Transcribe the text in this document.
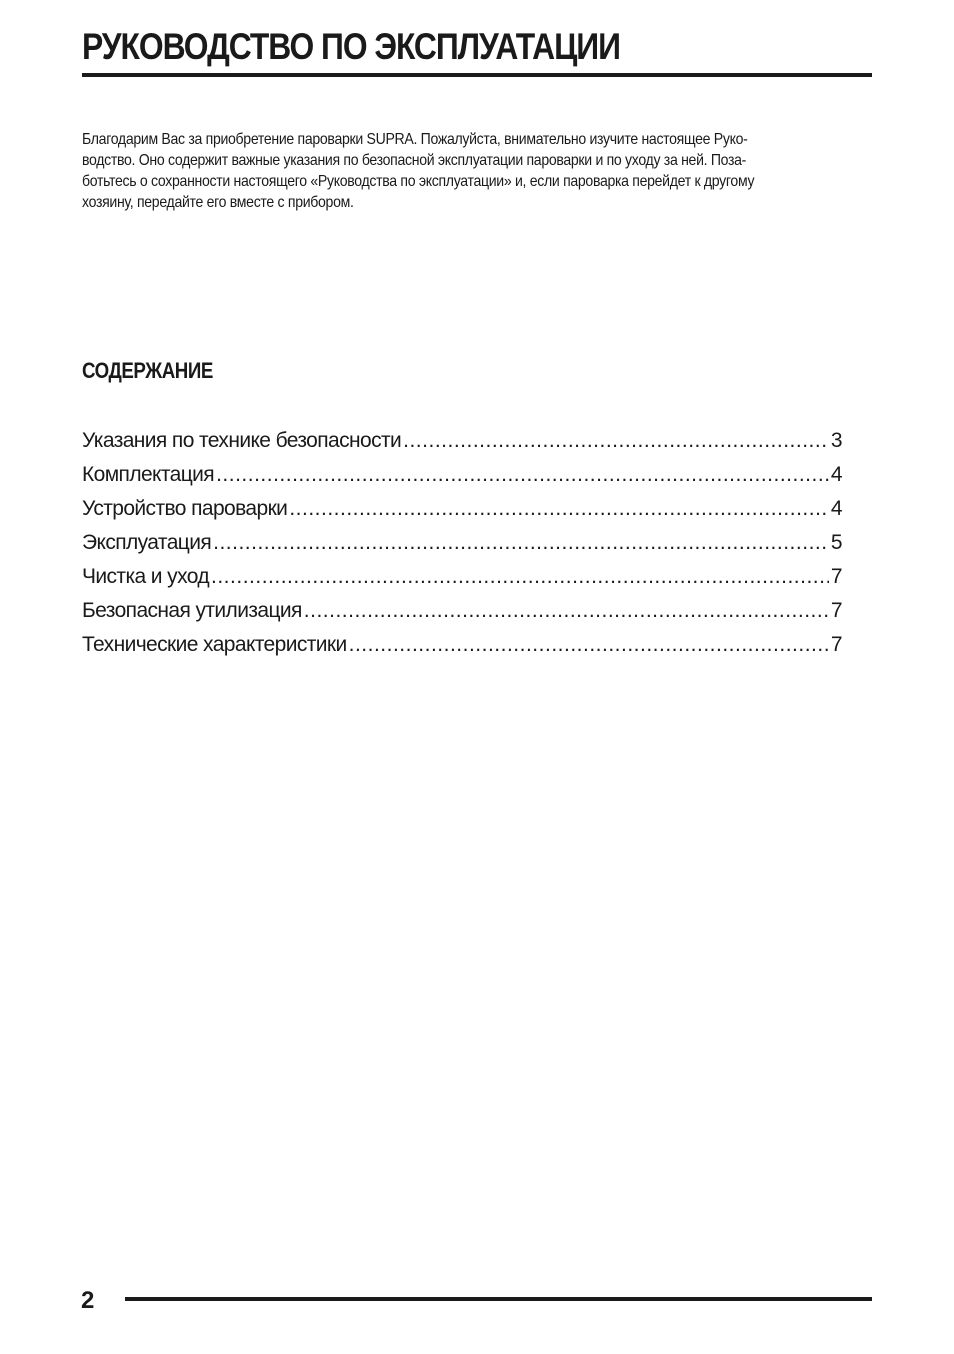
РУКОВОДСТВО ПО ЭКСПЛУАТАЦИИ

Благодарим Вас за приобретение пароварки SUPRA. Пожалуйста, внимательно изучите настоящее Руко-
водство. Оно содержит важные указания по безопасной эксплуатации пароварки и по уходу за ней. Поза-
ботьтесь о сохранности настоящего «Руководства по эксплуатации» и, если пароварка перейдет к другому
хозяину, передайте его вместе с прибором.

СОДЕРЖАНИЕ
Указания по технике безопасности .....	3
Комплектация .....	4
Устройство пароварки .....	4
Эксплуатация .....	5
Чистка и уход .....	7
Безопасная утилизация .....	7
Технические характеристики .....	7
2
